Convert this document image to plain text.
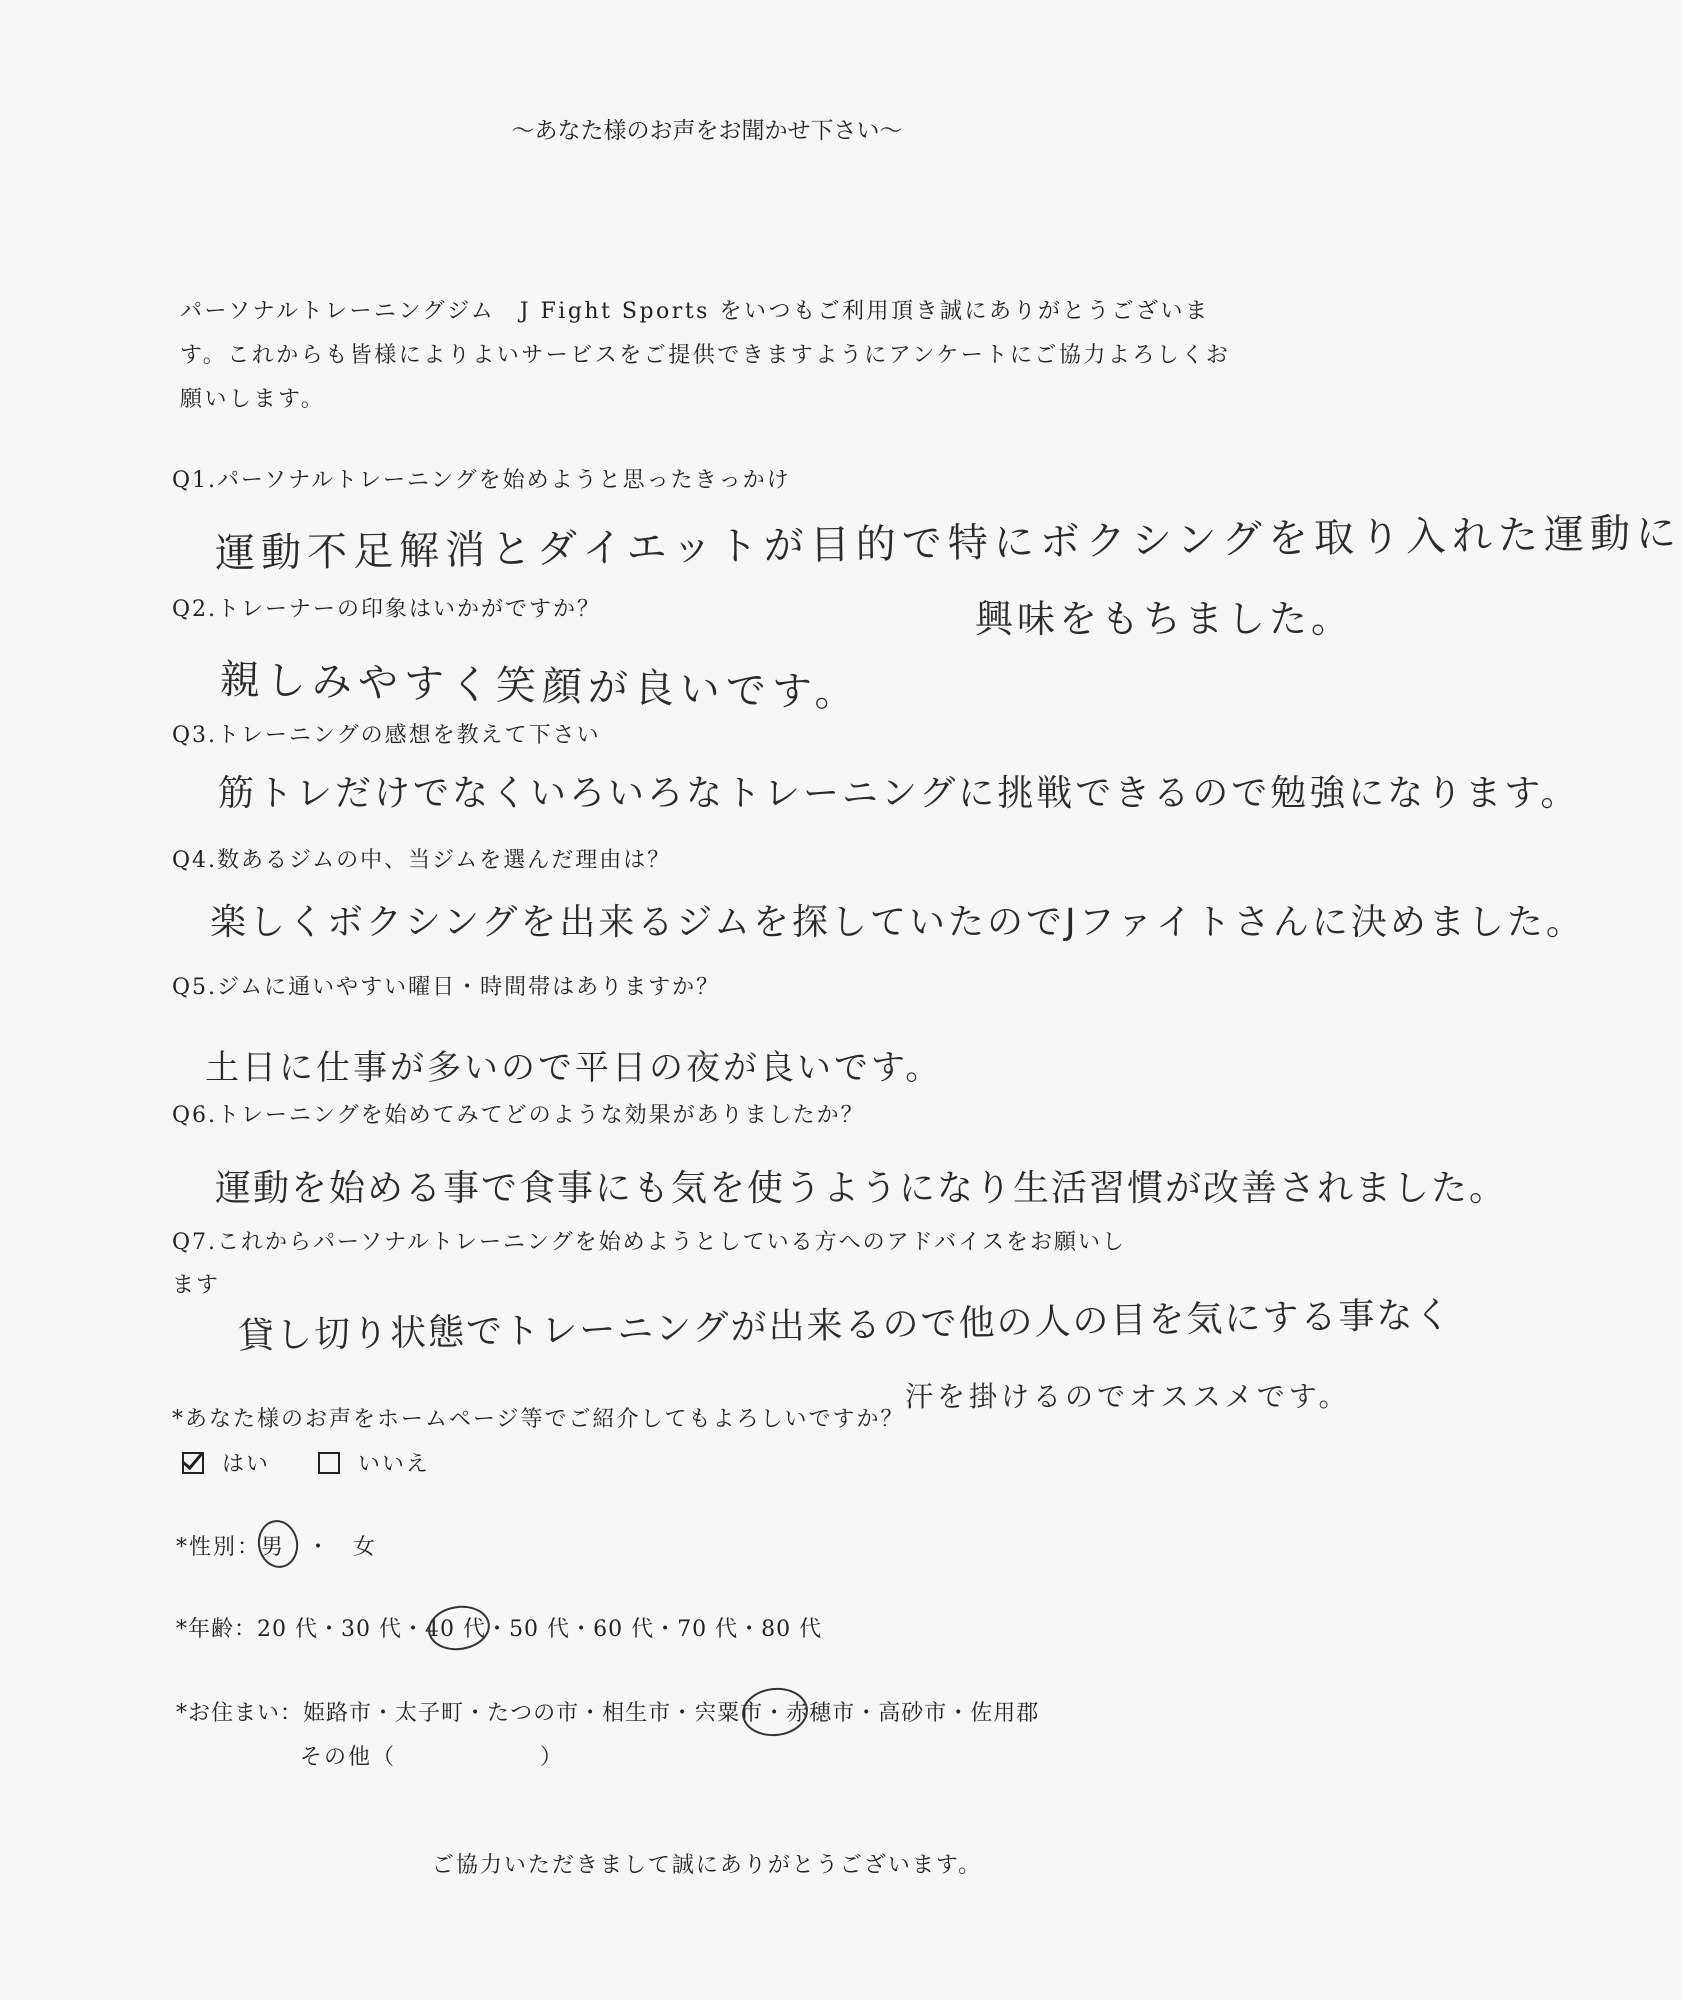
〜あなた様のお声をお聞かせ下さい〜
パーソナルトレーニングジム　J Fight Sports をいつもご利用頂き誠にありがとうございます。これからも皆様によりよいサービスをご提供できますようにアンケートにご協力よろしくお願いします。
Q1.パーソナルトレーニングを始めようと思ったきっかけ
運動不足解消とダイエットが目的で特にボクシングを取り入れた運動に
興味をもちました。
Q2.トレーナーの印象はいかがですか？
親しみやすく笑顔が良いです。
Q3.トレーニングの感想を教えて下さい
筋トレだけでなくいろいろなトレーニングに挑戦できるので勉強になります。
Q4.数あるジムの中、当ジムを選んだ理由は？
楽しくボクシングを出来るジムを探していたのでJファイトさんに決めました。
Q5.ジムに通いやすい曜日・時間帯はありますか？
土日に仕事が多いので平日の夜が良いです。
Q6.トレーニングを始めてみてどのような効果がありましたか？
運動を始める事で食事にも気を使うようになり生活習慣が改善されました。
Q7.これからパーソナルトレーニングを始めようとしている方へのアドバイスをお願いし
ます
貸し切り状態でトレーニングが出来るので他の人の目を気にする事なく
汗を掛けるのでオススメです。
*あなた様のお声をホームページ等でご紹介してもよろしいですか？
はい	いいえ
*性別：男 ・ 女
*年齢：20 代・30 代・40 代・50 代・60 代・70 代・80 代
*お住まい：姫路市・太子町・たつの市・相生市・宍粟市・赤穂市・高砂市・佐用郡
その他（　　　　　　）
ご協力いただきまして誠にありがとうございます。
